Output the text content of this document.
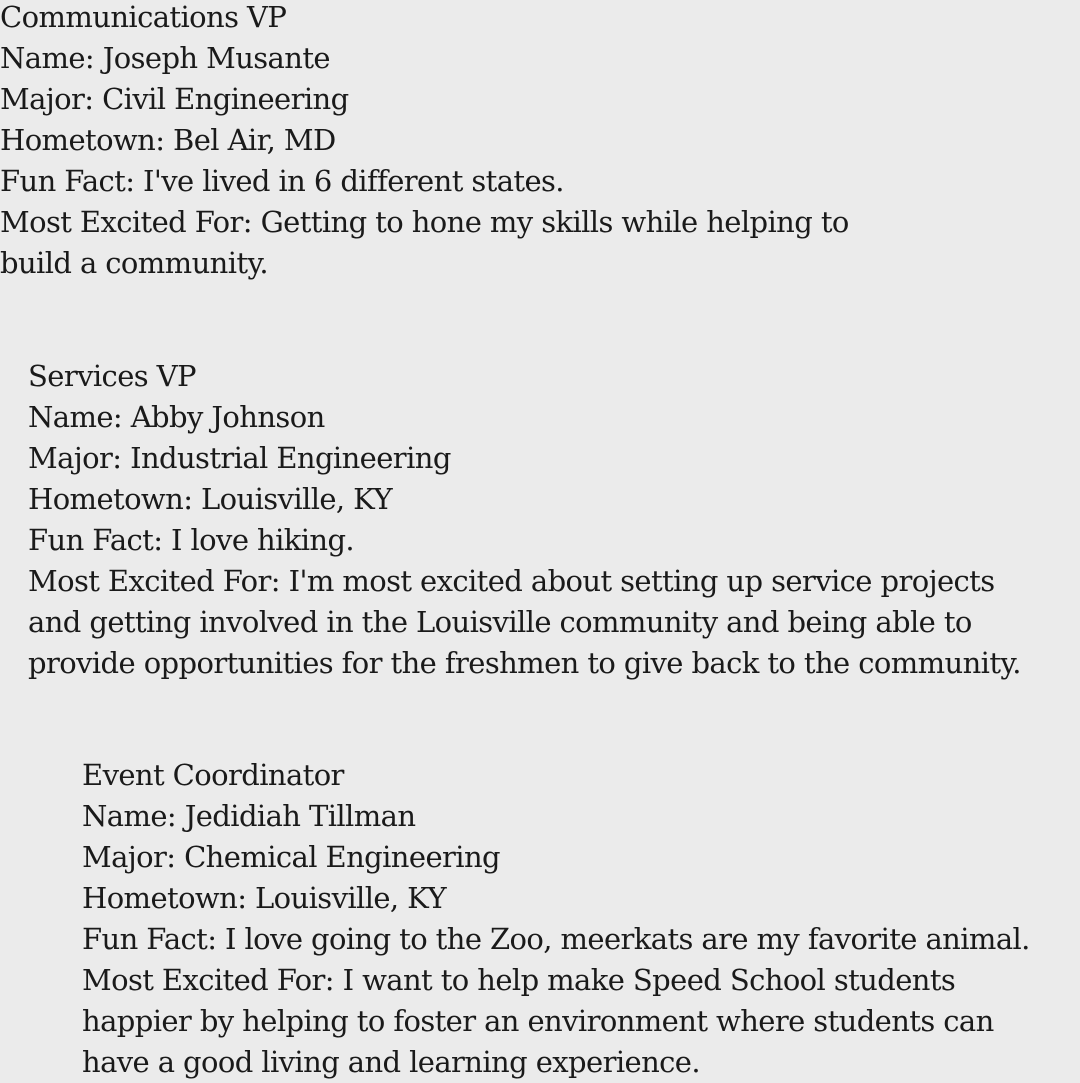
Communications VP
Name: Joseph Musante
Major: Civil Engineering
Hometown: Bel Air, MD
Fun Fact: I've lived in 6 different states.
Most Excited For: Getting to hone my skills while helping to
build a community.
Services VP
Name: Abby Johnson
Major: Industrial Engineering
Hometown: Louisville, KY
Fun Fact: I love hiking.
Most Excited For: I'm most excited about setting up service projects
and getting involved in the Louisville community and being able to
provide opportunities for the freshmen to give back to the community.
Event Coordinator
Name: Jedidiah Tillman
Major: Chemical Engineering
Hometown: Louisville, KY
Fun Fact: I love going to the Zoo, meerkats are my favorite animal.
Most Excited For: I want to help make Speed School students
happier by helping to foster an environment where students can
have a good living and learning experience.
